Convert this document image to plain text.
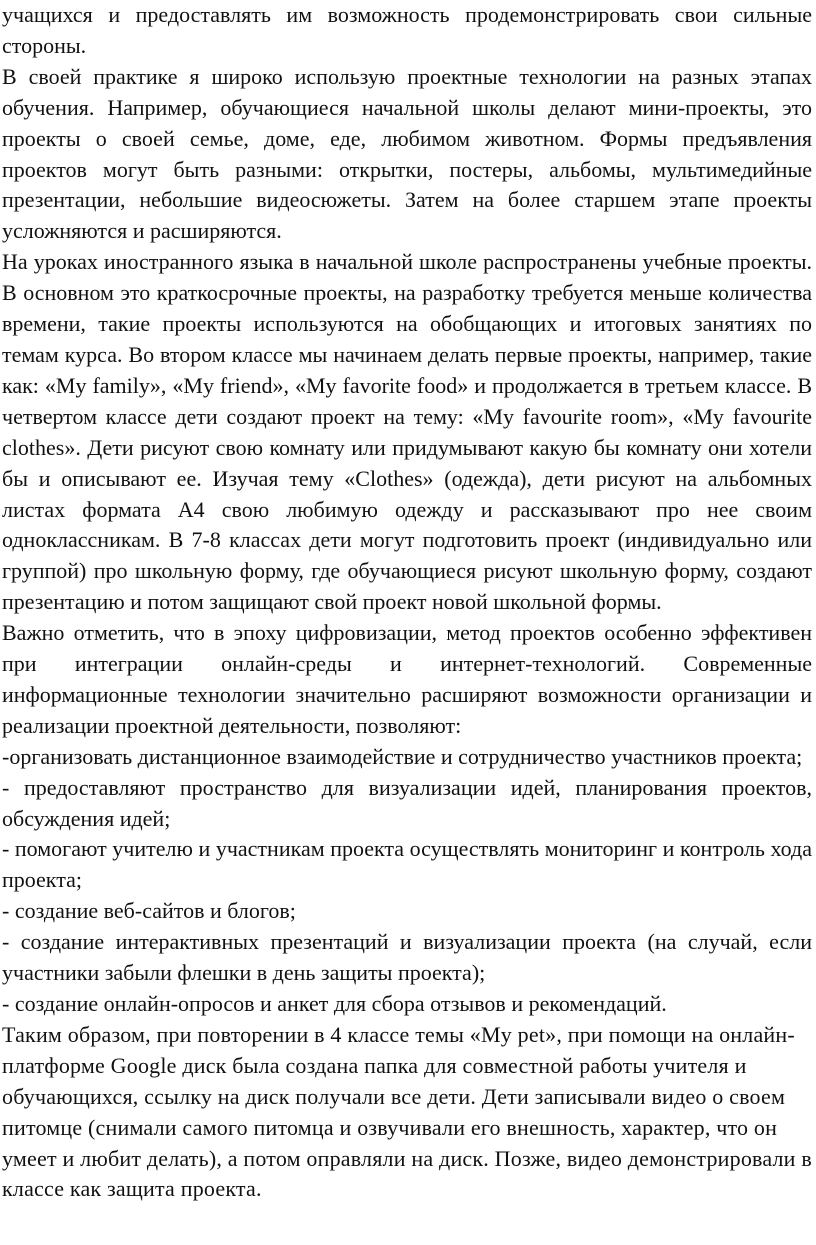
учащихся и предоставлять им возможность продемонстрировать свои сильные стороны.

В своей практике я широко использую проектные технологии на разных этапах обучения. Например, обучающиеся начальной школы делают мини-проекты, это проекты о своей семье, доме, еде, любимом животном. Формы предъявления проектов могут быть разными: открытки, постеры, альбомы, мультимедийные презентации, небольшие видеосюжеты. Затем на более старшем этапе проекты усложняются и расширяются.

На уроках иностранного языка в начальной школе распространены учебные проекты. В основном это краткосрочные проекты, на разработку требуется меньше количества времени, такие проекты используются на обобщающих и итоговых занятиях по темам курса. Во втором классе мы начинаем делать первые проекты, например, такие как: «My family», «My friend», «My favorite food» и продолжается в третьем классе. В четвертом классе дети создают проект на тему: «My favourite room», «My favourite clothes». Дети рисуют свою комнату или придумывают какую бы комнату они хотели бы и описывают ее. Изучая тему «Clothes» (одежда), дети рисуют на альбомных листах формата А4 свою любимую одежду и рассказывают про нее своим одноклассникам. В 7-8 классах дети могут подготовить проект (индивидуально или группой) про школьную форму, где обучающиеся рисуют школьную форму, создают презентацию и потом защищают свой проект новой школьной формы.

Важно отметить, что в эпоху цифровизации, метод проектов особенно эффективен при интеграции онлайн-среды и интернет-технологий. Современные информационные технологии значительно расширяют возможности организации и реализации проектной деятельности, позволяют:

-организовать дистанционное взаимодействие и сотрудничество участников проекта;

- предоставляют пространство для визуализации идей, планирования проектов, обсуждения идей;

- помогают учителю и участникам проекта осуществлять мониторинг и контроль хода проекта;

- создание веб-сайтов и блогов;

- создание интерактивных презентаций и визуализации проекта (на случай, если участники забыли флешки в день защиты проекта);

- создание онлайн-опросов и анкет для сбора отзывов и рекомендаций.

Таким образом, при повторении в 4 классе темы «My pet», при помощи на онлайн-платформе Google диск была создана папка для совместной работы учителя и обучающихся, ссылку на диск получали все дети. Дети записывали видео о своем питомце (снимали самого питомца и озвучивали его внешность, характер, что он умеет и любит делать), а потом оправляли на диск. Позже, видео демонстрировали в классе как защита проекта.
